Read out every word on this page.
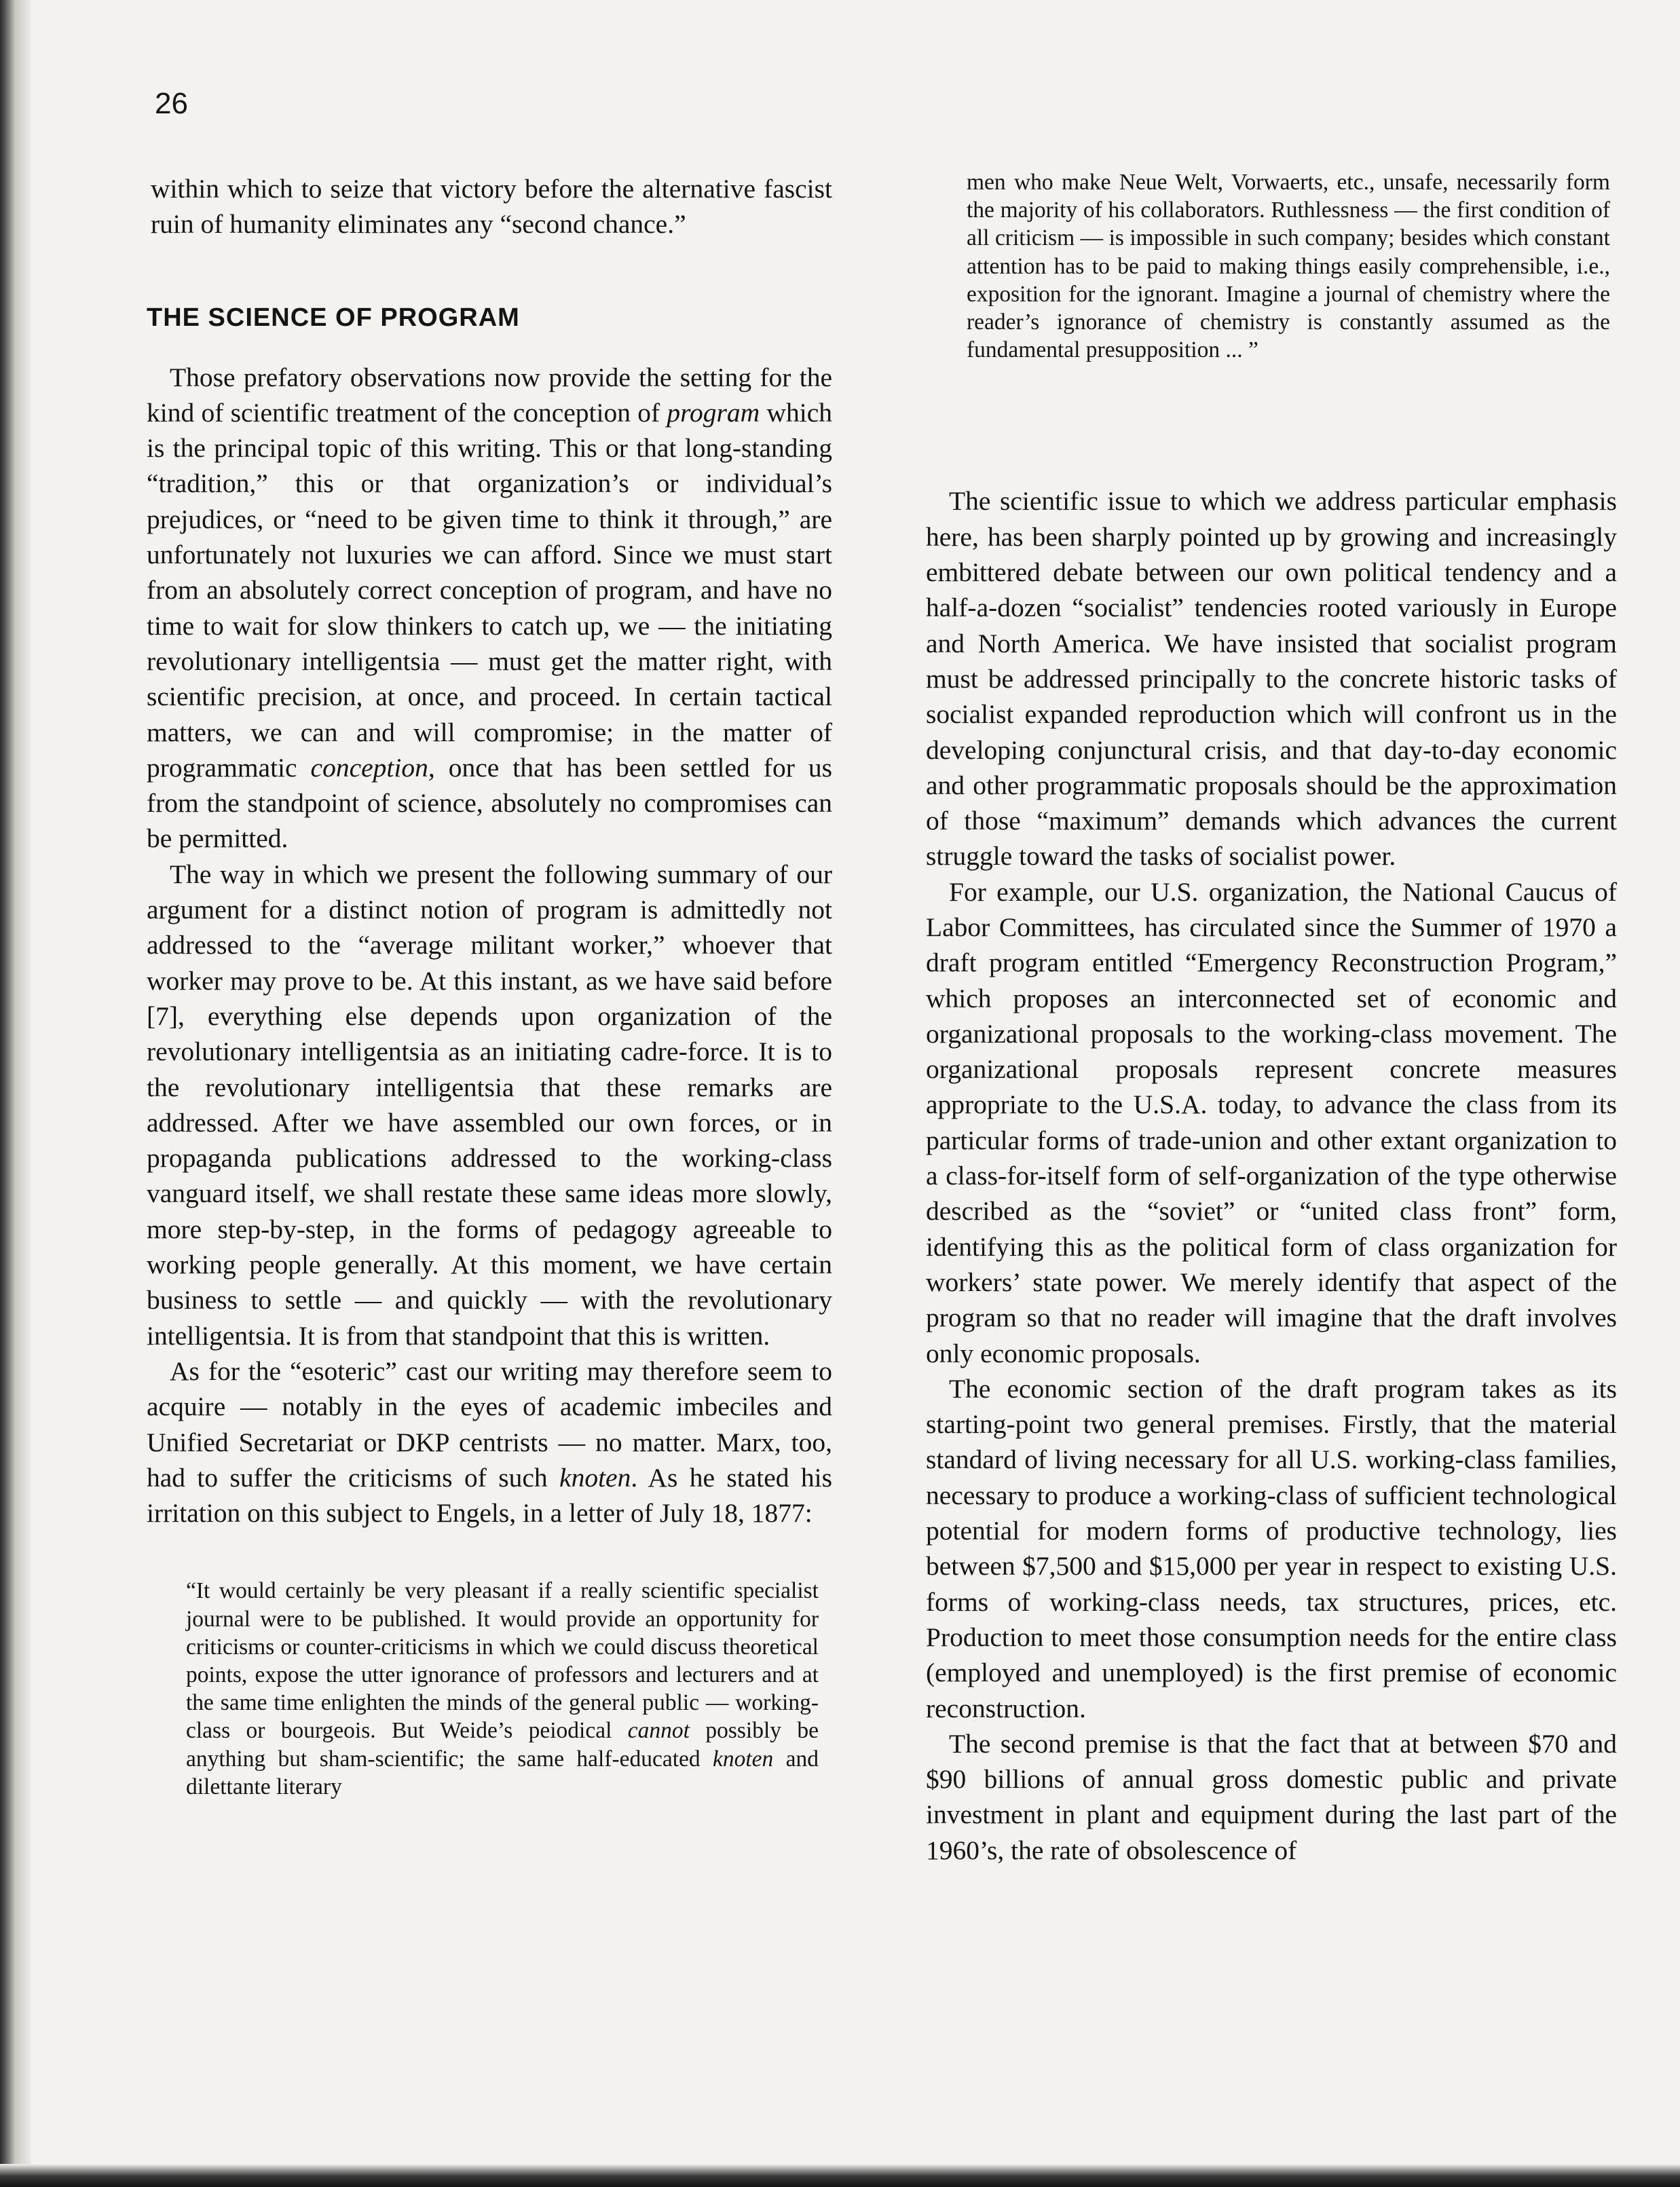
26

within which to seize that victory before the alternative fascist ruin of humanity eliminates any “second chance.”

THE SCIENCE OF PROGRAM

Those prefatory observations now provide the setting for the kind of scientific treatment of the conception of program which is the principal topic of this writing. This or that long-standing “tradition,” this or that organization’s or individual’s prejudices, or “need to be given time to think it through,” are unfortunately not luxuries we can afford. Since we must start from an absolutely correct conception of program, and have no time to wait for slow thinkers to catch up, we — the initiating revolutionary intelligentsia — must get the matter right, with scientific precision, at once, and proceed. In certain tactical matters, we can and will compromise; in the matter of programmatic conception, once that has been settled for us from the standpoint of science, absolutely no compromises can be permitted.

The way in which we present the following summary of our argument for a distinct notion of program is admittedly not addressed to the “average militant worker,” whoever that worker may prove to be. At this instant, as we have said before [7], everything else depends upon organization of the revolutionary intelligentsia as an initiating cadre-force. It is to the revolutionary intelligentsia that these remarks are addressed. After we have assembled our own forces, or in propaganda publications addressed to the working-class vanguard itself, we shall restate these same ideas more slowly, more step-by-step, in the forms of pedagogy agreeable to working people generally. At this moment, we have certain business to settle — and quickly — with the revolutionary intelligentsia. It is from that standpoint that this is written.

As for the “esoteric” cast our writing may therefore seem to acquire — notably in the eyes of academic imbeciles and Unified Secretariat or DKP centrists — no matter. Marx, too, had to suffer the criticisms of such knoten. As he stated his irritation on this subject to Engels, in a letter of July 18, 1877:

“It would certainly be very pleasant if a really scientific specialist journal were to be published. It would provide an opportunity for criticisms or counter-criticisms in which we could discuss theoretical points, expose the utter ignorance of professors and lecturers and at the same time enlighten the minds of the general public — working-class or bourgeois. But Weide’s peiodical cannot possibly be anything but sham-scientific; the same half-educated knoten and dilettante literary

men who make Neue Welt, Vorwaerts, etc., unsafe, necessarily form the majority of his collaborators. Ruthlessness — the first condition of all criticism — is impossible in such company; besides which constant attention has to be paid to making things easily comprehensible, i.e., exposition for the ignorant. Imagine a journal of chemistry where the reader’s ignorance of chemistry is constantly assumed as the fundamental presupposition ... ”

The scientific issue to which we address particular emphasis here, has been sharply pointed up by growing and increasingly embittered debate between our own political tendency and a half-a-dozen “socialist” tendencies rooted variously in Europe and North America. We have insisted that socialist program must be addressed principally to the concrete historic tasks of socialist expanded reproduction which will confront us in the developing conjunctural crisis, and that day-to-day economic and other programmatic proposals should be the approximation of those “maximum” demands which advances the current struggle toward the tasks of socialist power.

For example, our U.S. organization, the National Caucus of Labor Committees, has circulated since the Summer of 1970 a draft program entitled “Emergency Reconstruction Program,” which proposes an interconnected set of economic and organizational proposals to the working-class movement. The organizational proposals represent concrete measures appropriate to the U.S.A. today, to advance the class from its particular forms of trade-union and other extant organization to a class-for-itself form of self-organization of the type otherwise described as the “soviet” or “united class front” form, identifying this as the political form of class organization for workers’ state power. We merely identify that aspect of the program so that no reader will imagine that the draft involves only economic proposals.

The economic section of the draft program takes as its starting-point two general premises. Firstly, that the material standard of living necessary for all U.S. working-class families, necessary to produce a working-class of sufficient technological potential for modern forms of productive technology, lies between $7,500 and $15,000 per year in respect to existing U.S. forms of working-class needs, tax structures, prices, etc. Production to meet those consumption needs for the entire class (employed and unemployed) is the first premise of economic reconstruction.

The second premise is that the fact that at between $70 and $90 billions of annual gross domestic public and private investment in plant and equipment during the last part of the 1960’s, the rate of obsolescence of
